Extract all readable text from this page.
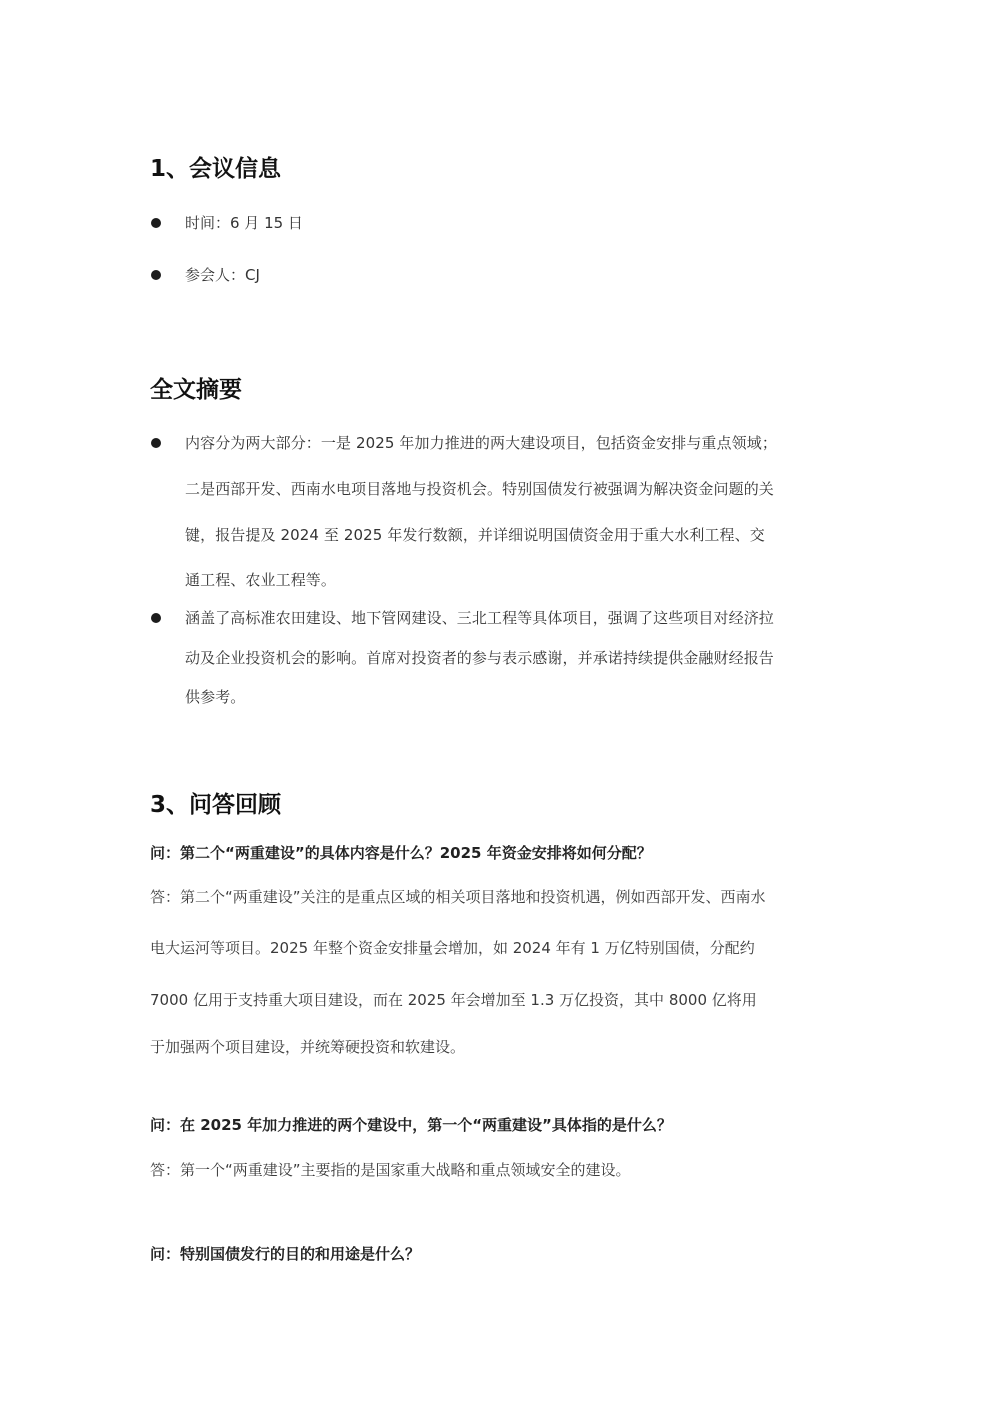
1、会议信息
时间：6 月 15 日
参会人：CJ
全文摘要
内容分为两大部分：一是 2025 年加力推进的两大建设项目，包括资金安排与重点领域；
二是西部开发、西南水电项目落地与投资机会。特别国债发行被强调为解决资金问题的关
键，报告提及 2024 至 2025 年发行数额，并详细说明国债资金用于重大水利工程、交
通工程、农业工程等。
涵盖了高标准农田建设、地下管网建设、三北工程等具体项目，强调了这些项目对经济拉
动及企业投资机会的影响。首席对投资者的参与表示感谢，并承诺持续提供金融财经报告
供参考。
3、问答回顾
问：第二个“两重建设”的具体内容是什么？2025 年资金安排将如何分配？
答：第二个“两重建设”关注的是重点区域的相关项目落地和投资机遇，例如西部开发、西南水
电大运河等项目。2025 年整个资金安排量会增加，如 2024 年有 1 万亿特别国债，分配约
7000 亿用于支持重大项目建设，而在 2025 年会增加至 1.3 万亿投资，其中 8000 亿将用
于加强两个项目建设，并统筹硬投资和软建设。
问：在 2025 年加力推进的两个建设中，第一个“两重建设”具体指的是什么？
答：第一个“两重建设”主要指的是国家重大战略和重点领域安全的建设。
问：特别国债发行的目的和用途是什么？
